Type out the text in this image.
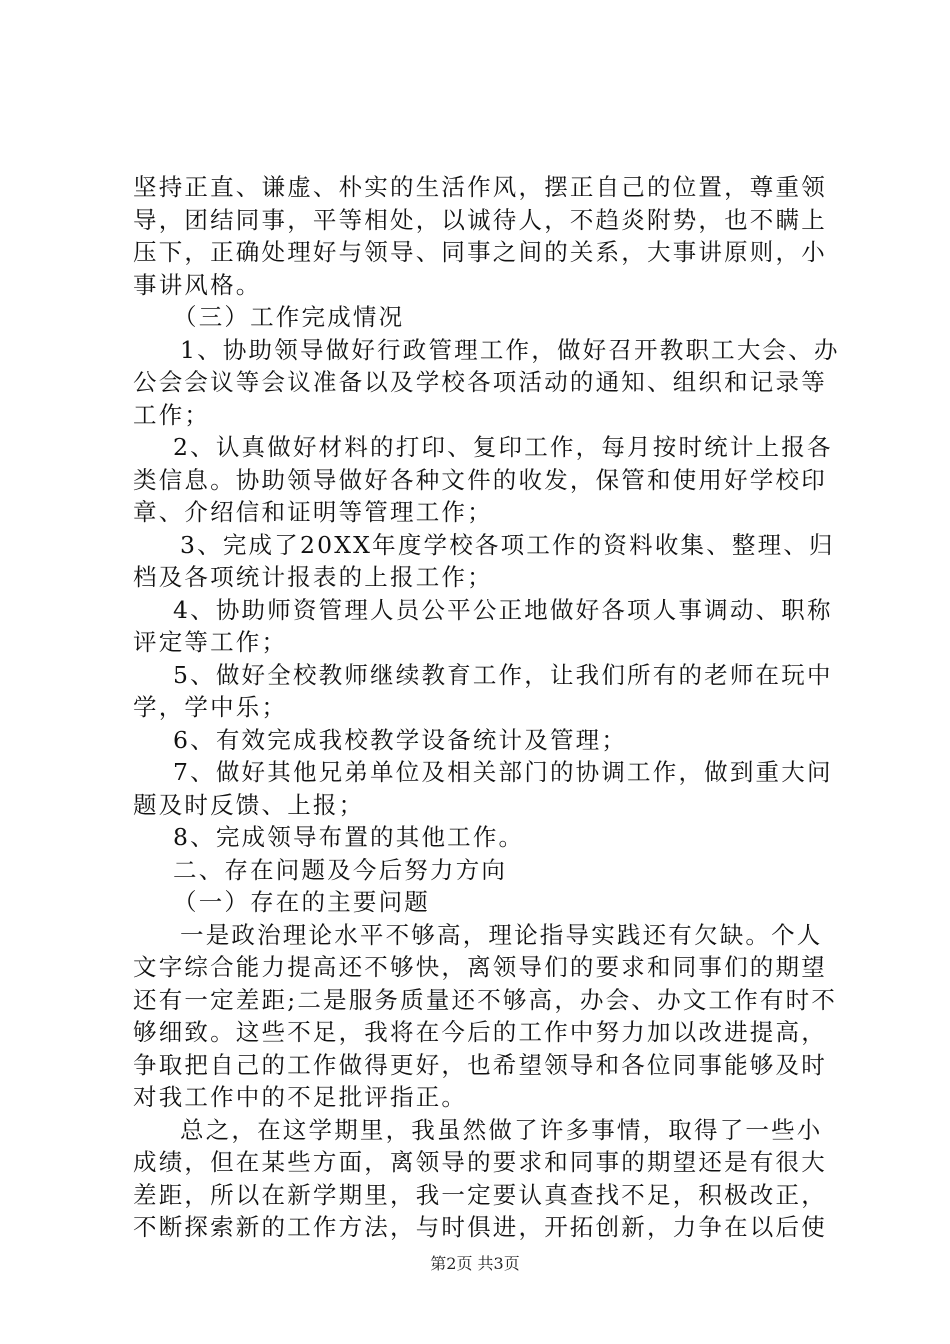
坚持正直、谦虚、朴实的生活作风，摆正自己的位置，尊重领
导，团结同事，平等相处，以诚待人，不趋炎附势，也不瞒上
压下，正确处理好与领导、同事之间的关系，大事讲原则，小
事讲风格。
（三）工作完成情况
1、协助领导做好行政管理工作，做好召开教职工大会、办
公会会议等会议准备以及学校各项活动的通知、组织和记录等
工作；
2、认真做好材料的打印、复印工作，每月按时统计上报各
类信息。协助领导做好各种文件的收发，保管和使用好学校印
章、介绍信和证明等管理工作；
3、完成了20XX年度学校各项工作的资料收集、整理、归
档及各项统计报表的上报工作；
4、协助师资管理人员公平公正地做好各项人事调动、职称
评定等工作；
5、做好全校教师继续教育工作，让我们所有的老师在玩中
学，学中乐；
6、有效完成我校教学设备统计及管理；
7、做好其他兄弟单位及相关部门的协调工作，做到重大问
题及时反馈、上报；
8、完成领导布置的其他工作。
二、存在问题及今后努力方向
（一）存在的主要问题
一是政治理论水平不够高，理论指导实践还有欠缺。个人
文字综合能力提高还不够快，离领导们的要求和同事们的期望
还有一定差距;二是服务质量还不够高，办会、办文工作有时不
够细致。这些不足，我将在今后的工作中努力加以改进提高，
争取把自己的工作做得更好，也希望领导和各位同事能够及时
对我工作中的不足批评指正。
总之，在这学期里，我虽然做了许多事情，取得了一些小
成绩，但在某些方面，离领导的要求和同事的期望还是有很大
差距，所以在新学期里，我一定要认真查找不足，积极改正，
不断探索新的工作方法，与时俱进，开拓创新，力争在以后使
第2页 共3页
